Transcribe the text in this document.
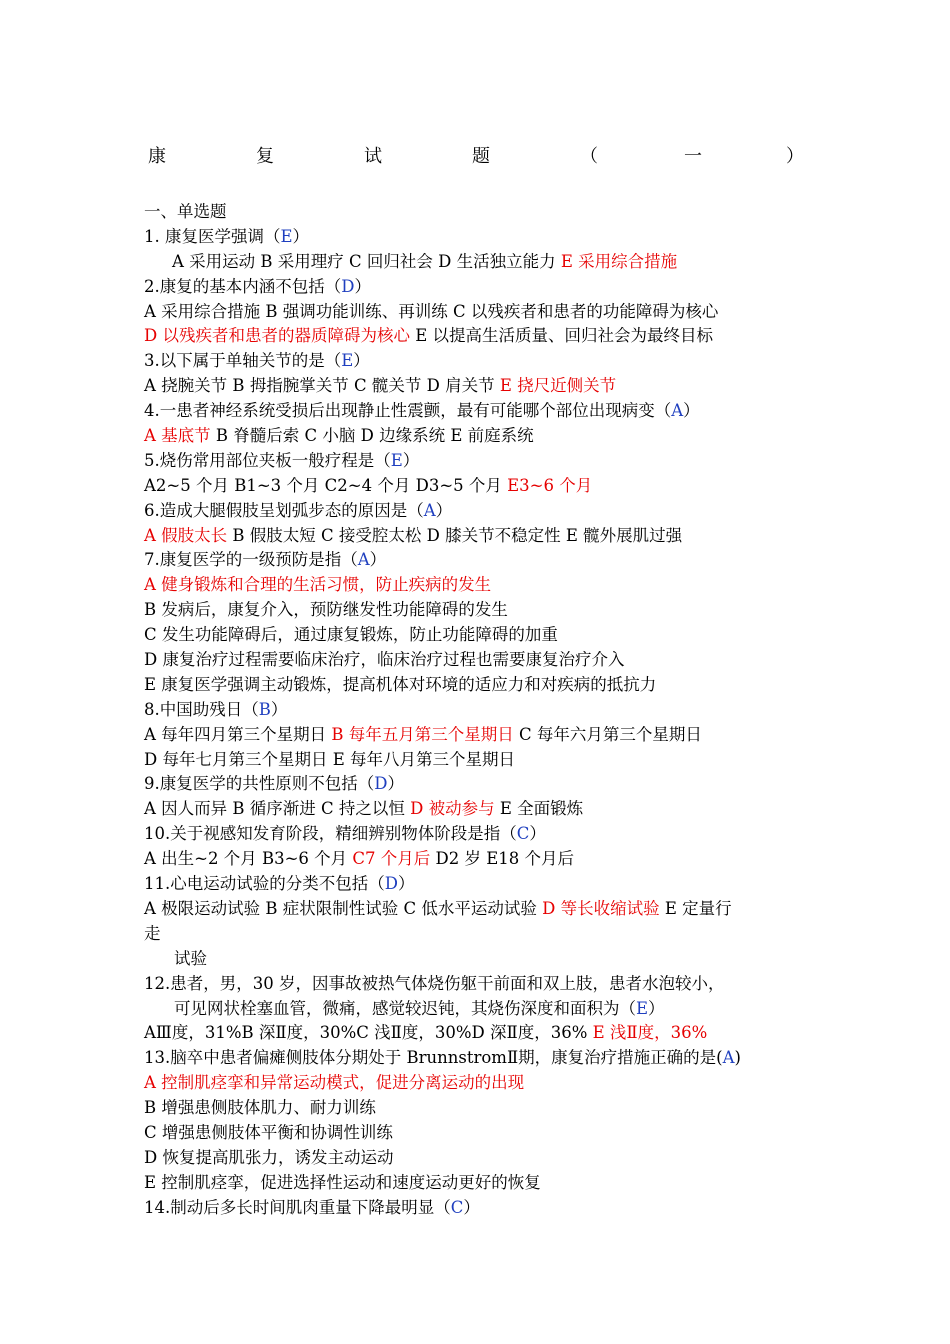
康	复	试	题	（	一	）
一、单选题
1. 康复医学强调（E）
A 采用运动 B 采用理疗 C 回归社会 D 生活独立能力 E 采用综合措施
2.康复的基本内涵不包括（D）
A 采用综合措施 B 强调功能训练、再训练 C 以残疾者和患者的功能障碍为核心
D 以残疾者和患者的器质障碍为核心 E 以提高生活质量、回归社会为最终目标
3.以下属于单轴关节的是（E）
A 挠腕关节 B 拇指腕掌关节 C 髋关节 D 肩关节 E 挠尺近侧关节
4.一患者神经系统受损后出现静止性震颤，最有可能哪个部位出现病变（A）
A 基底节 B 脊髓后索 C 小脑 D 边缘系统 E 前庭系统
5.烧伤常用部位夹板一般疗程是（E）
A2~5 个月 B1~3 个月 C2~4 个月 D3~5 个月 E3~6 个月
6.造成大腿假肢呈划弧步态的原因是（A）
A 假肢太长 B 假肢太短 C 接受腔太松 D 膝关节不稳定性 E 髋外展肌过强
7.康复医学的一级预防是指（A）
A 健身锻炼和合理的生活习惯，防止疾病的发生
B 发病后，康复介入，预防继发性功能障碍的发生
C 发生功能障碍后，通过康复锻炼，防止功能障碍的加重
D 康复治疗过程需要临床治疗，临床治疗过程也需要康复治疗介入
E 康复医学强调主动锻炼，提高机体对环境的适应力和对疾病的抵抗力
8.中国助残日（B）
A 每年四月第三个星期日 B 每年五月第三个星期日 C 每年六月第三个星期日
D 每年七月第三个星期日 E 每年八月第三个星期日
9.康复医学的共性原则不包括（D）
A 因人而异 B 循序渐进 C 持之以恒 D 被动参与 E 全面锻炼
10.关于视感知发育阶段，精细辨别物体阶段是指（C）
A 出生~2 个月 B3~6 个月 C7 个月后 D2 岁 E18 个月后
11.心电运动试验的分类不包括（D）
A 极限运动试验 B 症状限制性试验 C 低水平运动试验 D 等长收缩试验 E 定量行
走
试验
12.患者，男，30 岁，因事故被热气体烧伤躯干前面和双上肢，患者水泡较小，
可见网状栓塞血管，微痛，感觉较迟钝，其烧伤深度和面积为（E）
AⅢ度，31%B 深Ⅱ度，30%C 浅Ⅱ度，30%D 深Ⅱ度，36% E 浅Ⅱ度，36%
13.脑卒中患者偏瘫侧肢体分期处于 BrunnstromⅡ期，康复治疗措施正确的是(A)
A 控制肌痉挛和异常运动模式，促进分离运动的出现
B 增强患侧肢体肌力、耐力训练
C 增强患侧肢体平衡和协调性训练
D 恢复提高肌张力，诱发主动运动
E 控制肌痉挛，促进选择性运动和速度运动更好的恢复
14.制动后多长时间肌肉重量下降最明显（C）
